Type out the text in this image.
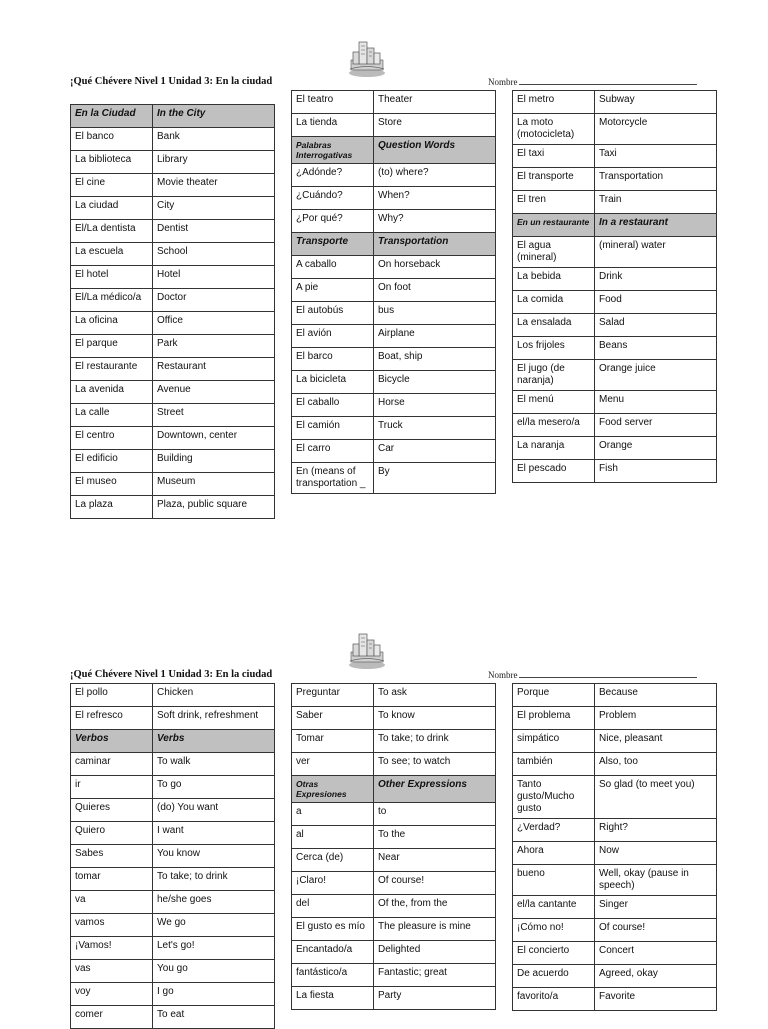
¡Qué Chévere Nivel 1 Unidad 3: En la ciudad	Nombre
En la Ciudad	In the City
El banco	Bank
La biblioteca	Library
El cine	Movie theater
La ciudad	City
El/La dentista	Dentist
La escuela	School
El hotel	Hotel
El/La médico/a	Doctor
La oficina	Office
El parque	Park
El restaurante	Restaurant
La avenida	Avenue
La calle	Street
El centro	Downtown, center
El edificio	Building
El museo	Museum
La plaza	Plaza, public square
El teatro	Theater
La tienda	Store
Palabras Interrogativas	Question Words
¿Adónde?	(to) where?
¿Cuándo?	When?
¿Por qué?	Why?
Transporte	Transportation
A caballo	On horseback
A pie	On foot
El autobús	bus
El avión	Airplane
El barco	Boat, ship
La bicicleta	Bicycle
El caballo	Horse
El camión	Truck
El carro	Car
En (means of transportation _	By
El metro	Subway
La moto (motocicleta)	Motorcycle
El taxi	Taxi
El transporte	Transportation
El tren	Train
En un restaurante	In a restaurant
El agua (mineral)	(mineral) water
La bebida	Drink
La comida	Food
La ensalada	Salad
Los frijoles	Beans
El jugo (de naranja)	Orange juice
El menú	Menu
el/la mesero/a	Food server
La naranja	Orange
El pescado	Fish
¡Qué Chévere Nivel 1 Unidad 3: En la ciudad	Nombre
El pollo	Chicken
El refresco	Soft drink, refreshment
Verbos	Verbs
caminar	To walk
ir	To go
Quieres	(do) You want
Quiero	I want
Sabes	You know
tomar	To take; to drink
va	he/she goes
vamos	We go
¡Vamos!	Let's go!
vas	You go
voy	I go
comer	To eat
Preguntar	To ask
Saber	To know
Tomar	To take; to drink
ver	To see; to watch
Otras Expresiones	Other Expressions
a	to
al	To the
Cerca (de)	Near
¡Claro!	Of course!
del	Of the, from the
El gusto es mío	The pleasure is mine
Encantado/a	Delighted
fantástico/a	Fantastic; great
La fiesta	Party
Porque	Because
El problema	Problem
simpático	Nice, pleasant
también	Also, too
Tanto gusto/Mucho gusto	So glad (to meet you)
¿Verdad?	Right?
Ahora	Now
bueno	Well, okay (pause in speech)
el/la cantante	Singer
¡Cómo no!	Of course!
El concierto	Concert
De acuerdo	Agreed, okay
favorito/a	Favorite
